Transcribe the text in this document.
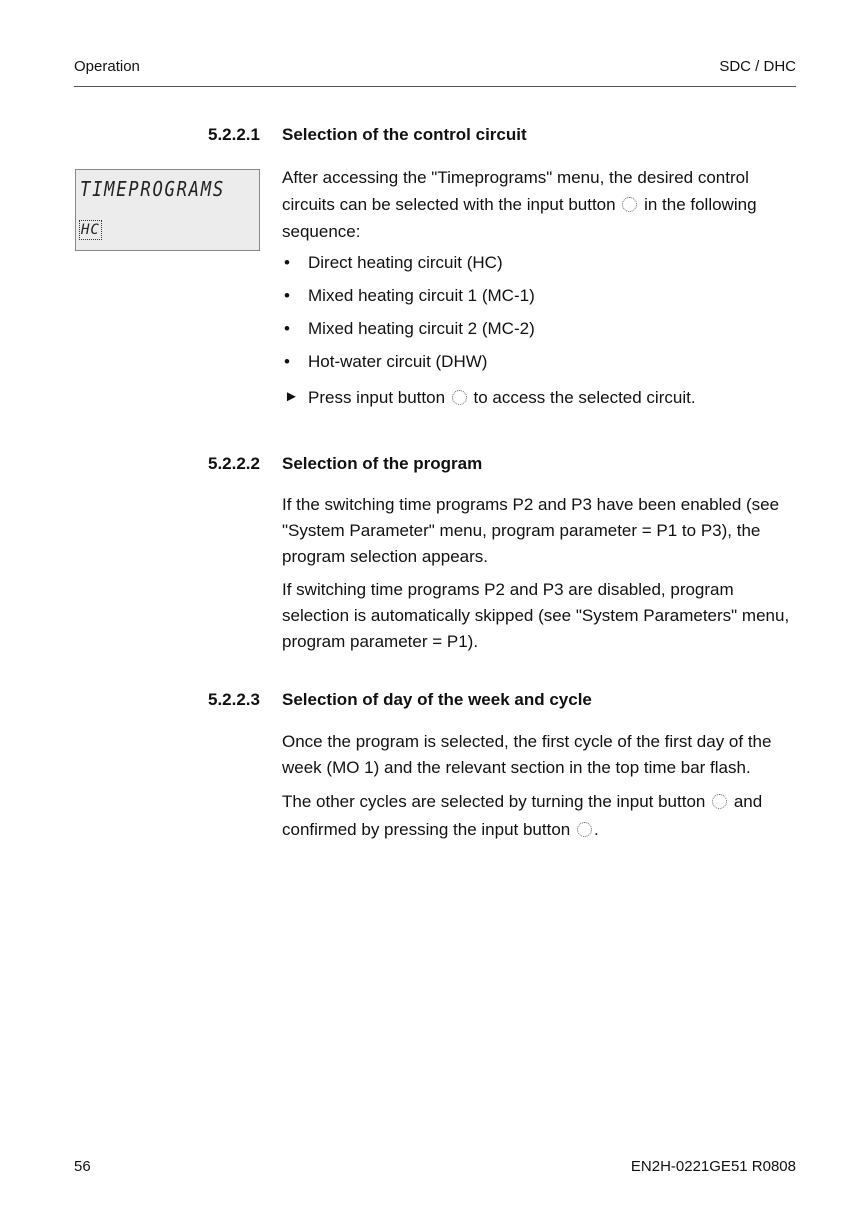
Operation	SDC / DHC
TIMEPROGRAMS
HC
5.2.2.1 Selection of the control circuit

After accessing the "Timeprograms" menu, the desired control circuits can be selected with the input button in the following sequence:

• Direct heating circuit (HC)
• Mixed heating circuit 1 (MC-1)
• Mixed heating circuit 2 (MC-2)
• Hot-water circuit (DHW)
► Press input button to access the selected circuit.
5.2.2.2 Selection of the program

If the switching time programs P2 and P3 have been enabled (see "System Parameter" menu, program parameter = P1 to P3), the program selection appears.

If switching time programs P2 and P3 are disabled, program selection is automatically skipped (see "System Parameters" menu, program parameter = P1).

5.2.2.3 Selection of day of the week and cycle

Once the program is selected, the first cycle of the first day of the week (MO 1) and the relevant section in the top time bar flash.

The other cycles are selected by turning the input button and confirmed by pressing the input button .

56	EN2H-0221GE51 R0808
